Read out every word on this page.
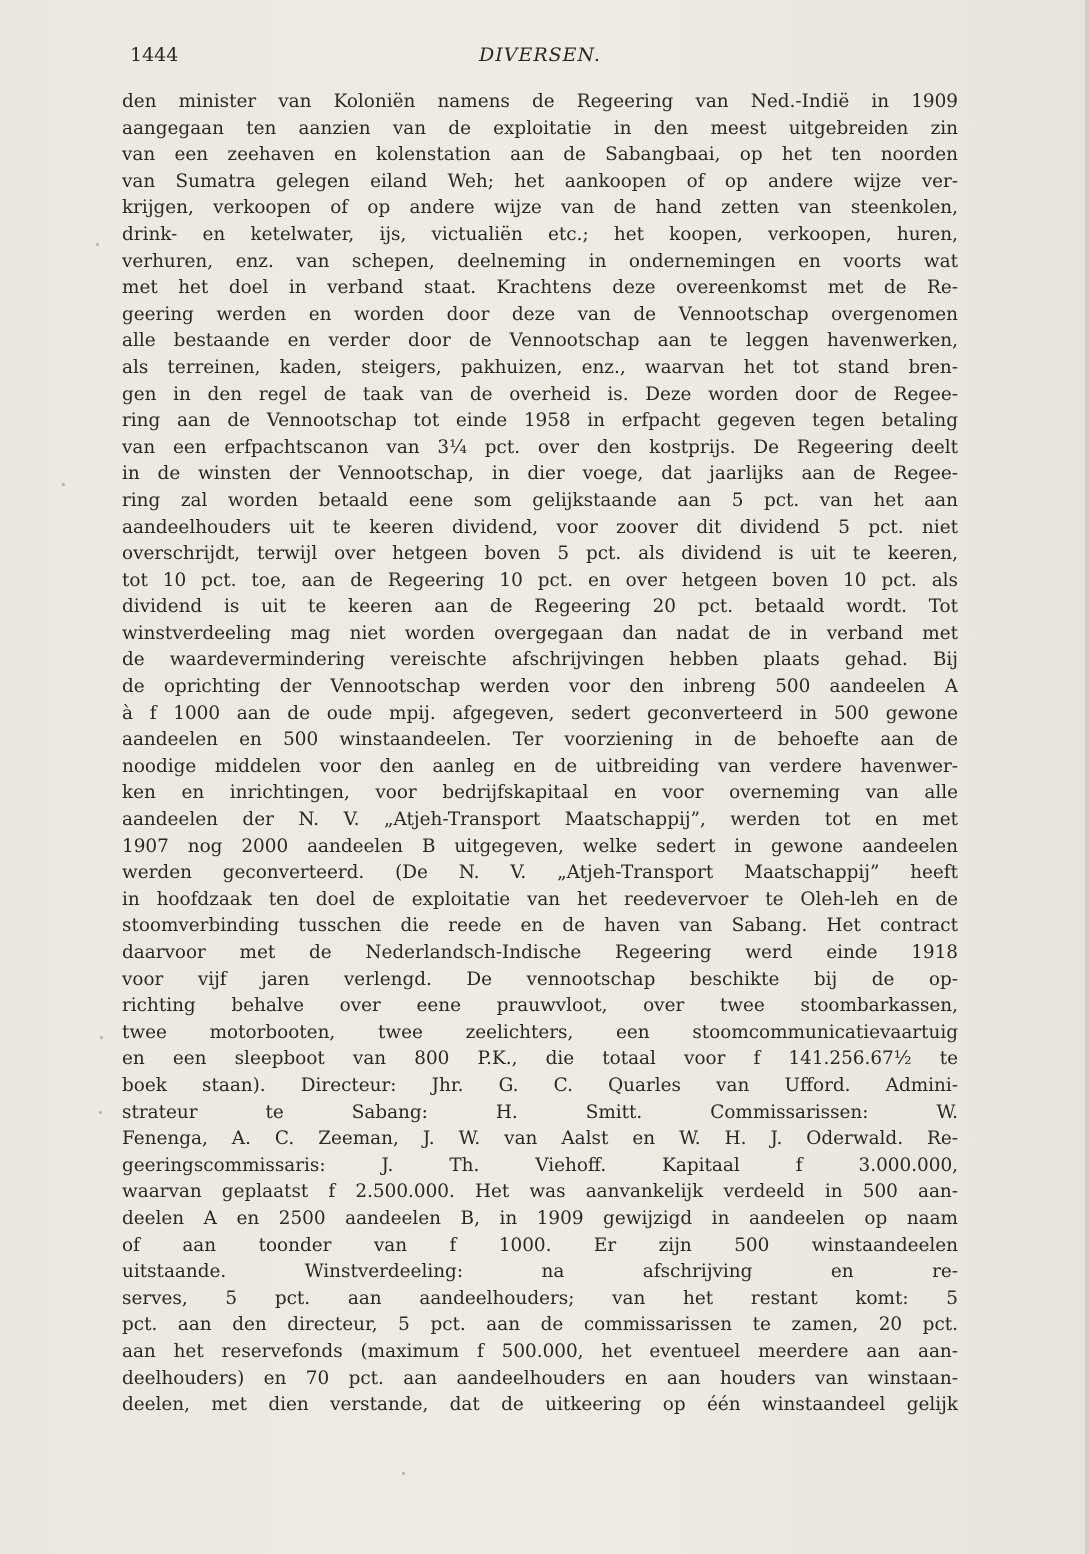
1444	DIVERSEN.
den minister van Koloniën namens de Regeering van Ned.-Indië in 1909
aangegaan ten aanzien van de exploitatie in den meest uitgebreiden zin
van een zeehaven en kolenstation aan de Sabangbaai, op het ten noorden
van Sumatra gelegen eiland Weh; het aankoopen of op andere wijze ver-
krijgen, verkoopen of op andere wijze van de hand zetten van steenkolen,
drink- en ketelwater, ijs, victualiën etc.; het koopen, verkoopen, huren,
verhuren, enz. van schepen, deelneming in ondernemingen en voorts wat
met het doel in verband staat. Krachtens deze overeenkomst met de Re-
geering werden en worden door deze van de Vennootschap overgenomen
alle bestaande en verder door de Vennootschap aan te leggen havenwerken,
als terreinen, kaden, steigers, pakhuizen, enz., waarvan het tot stand bren-
gen in den regel de taak van de overheid is. Deze worden door de Regee-
ring aan de Vennootschap tot einde 1958 in erfpacht gegeven tegen betaling
van een erfpachtscanon van 3¼ pct. over den kostprijs. De Regeering deelt
in de winsten der Vennootschap, in dier voege, dat jaarlijks aan de Regee-
ring zal worden betaald eene som gelijkstaande aan 5 pct. van het aan
aandeelhouders uit te keeren dividend, voor zoover dit dividend 5 pct. niet
overschrijdt, terwijl over hetgeen boven 5 pct. als dividend is uit te keeren,
tot 10 pct. toe, aan de Regeering 10 pct. en over hetgeen boven 10 pct. als
dividend is uit te keeren aan de Regeering 20 pct. betaald wordt. Tot
winstverdeeling mag niet worden overgegaan dan nadat de in verband met
de waardevermindering vereischte afschrijvingen hebben plaats gehad. Bij
de oprichting der Vennootschap werden voor den inbreng 500 aandeelen A
à f 1000 aan de oude mpij. afgegeven, sedert geconverteerd in 500 gewone
aandeelen en 500 winstaandeelen. Ter voorziening in de behoefte aan de
noodige middelen voor den aanleg en de uitbreiding van verdere havenwer-
ken en inrichtingen, voor bedrijfskapitaal en voor overneming van alle
aandeelen der N. V. „Atjeh-Transport Maatschappij”, werden tot en met
1907 nog 2000 aandeelen B uitgegeven, welke sedert in gewone aandeelen
werden geconverteerd. (De N. V. „Atjeh-Transport Maatschappij” heeft
in hoofdzaak ten doel de exploitatie van het reedevervoer te Oleh-leh en de
stoomverbinding tusschen die reede en de haven van Sabang. Het contract
daarvoor met de Nederlandsch-Indische Regeering werd einde 1918
voor vijf jaren verlengd. De vennootschap beschikte bij de op-
richting behalve over eene prauwvloot, over twee stoombarkassen,
twee motorbooten, twee zeelichters, een stoomcommunicatievaartuig
en een sleepboot van 800 P.K., die totaal voor f 141.256.67½ te
boek staan). Directeur: Jhr. G. C. Quarles van Ufford. Admini-
strateur te Sabang: H. Smitt. Commissarissen: W.
Fenenga, A. C. Zeeman, J. W. van Aalst en W. H. J. Oderwald. Re-
geeringscommissaris: J. Th. Viehoff. Kapitaal f 3.000.000,
waarvan geplaatst f 2.500.000. Het was aanvankelijk verdeeld in 500 aan-
deelen A en 2500 aandeelen B, in 1909 gewijzigd in aandeelen op naam
of aan toonder van f 1000. Er zijn 500 winstaandeelen
uitstaande. Winstverdeeling: na afschrijving en re-
serves, 5 pct. aan aandeelhouders; van het restant komt: 5
pct. aan den directeur, 5 pct. aan de commissarissen te zamen, 20 pct.
aan het reservefonds (maximum f 500.000, het eventueel meerdere aan aan-
deelhouders) en 70 pct. aan aandeelhouders en aan houders van winstaan-
deelen, met dien verstande, dat de uitkeering op één winstaandeel gelijk
